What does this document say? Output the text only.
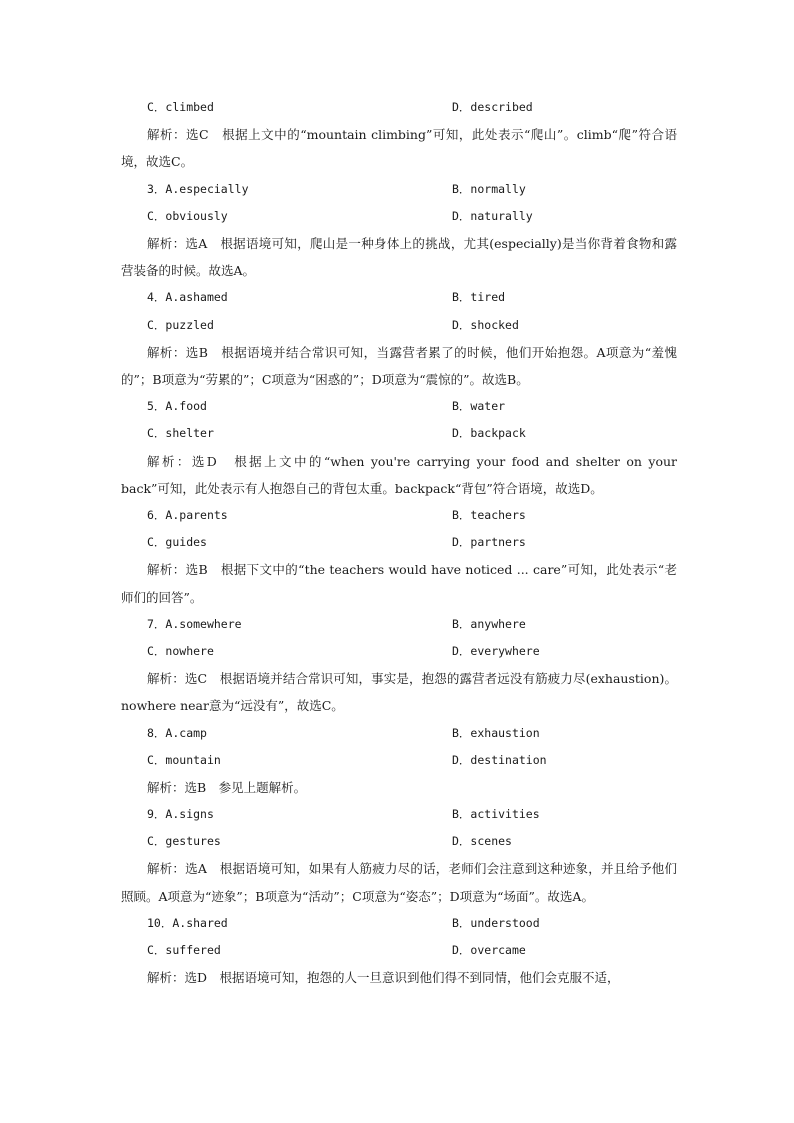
C．climbed	D．described

解析：选C　根据上文中的“mountain climbing”可知，此处表示“爬山”。climb“爬”符合语境，故选C。

3．A.especially	B．normally
C．obviously	D．naturally

解析：选A　根据语境可知，爬山是一种身体上的挑战，尤其(especially)是当你背着食物和露营装备的时候。故选A。

4．A.ashamed	B．tired
C．puzzled	D．shocked

解析：选B　根据语境并结合常识可知，当露营者累了的时候，他们开始抱怨。A项意为“羞愧的”；B项意为“劳累的”；C项意为“困惑的”；D项意为“震惊的”。故选B。

5．A.food	B．water
C．shelter	D．backpack

解析：选D　根据上文中的“when you're carrying your food and shelter on your back”可知，此处表示有人抱怨自己的背包太重。backpack“背包”符合语境，故选D。

6．A.parents	B．teachers
C．guides	D．partners

解析：选B　根据下文中的“the teachers would have noticed ... care”可知，此处表示“老师们的回答”。

7．A.somewhere	B．anywhere
C．nowhere	D．everywhere

解析：选C　根据语境并结合常识可知，事实是，抱怨的露营者远没有筋疲力尽(exhaustion)。nowhere near意为“远没有”，故选C。

8．A.camp	B．exhaustion
C．mountain	D．destination

解析：选B　参见上题解析。

9．A.signs	B．activities
C．gestures	D．scenes

解析：选A　根据语境可知，如果有人筋疲力尽的话，老师们会注意到这种迹象，并且给予他们照顾。A项意为“迹象”；B项意为“活动”；C项意为“姿态”；D项意为“场面”。故选A。

10．A.shared	B．understood
C．suffered	D．overcame

解析：选D　根据语境可知，抱怨的人一旦意识到他们得不到同情，他们会克服不适，
